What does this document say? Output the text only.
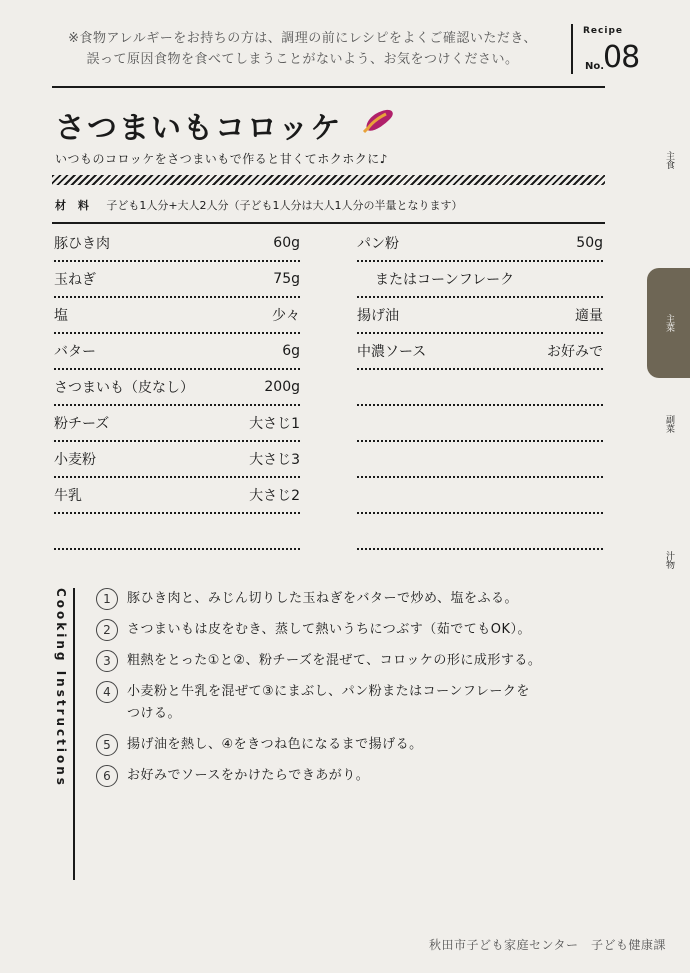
※食物アレルギーをお持ちの方は、調理の前にレシピをよくご確認いただき、
誤って原因食物を食べてしまうことがないよう、お気をつけください。
Recipe
No.
08
さつまいもコロッケ

いつものコロッケをさつまいもで作ると甘くてホクホクに♪

材 料 子ども1人分+大人2人分（子ども1人分は大人1人分の半量となります）
豚ひき肉	60g
玉ねぎ	75g
塩	少々
バター	6g
さつまいも（皮なし）	200g
粉チーズ	大さじ1
小麦粉	大さじ3
牛乳	大さじ2
パン粉	50g
またはコーンフレーク
揚げ油	適量
中濃ソース	お好みで
主食
主菜
副菜
汁物
Cooking Instructions	1	豚ひき肉と、みじん切りした玉ねぎをバターで炒め、塩をふる。
2	さつまいもは皮をむき、蒸して熱いうちにつぶす（茹でてもOK）。
3	粗熱をとった①と②、粉チーズを混ぜて、コロッケの形に成形する。
4	小麦粉と牛乳を混ぜて③にまぶし、パン粉またはコーンフレークを
つける。
5	揚げ油を熱し、④をきつね色になるまで揚げる。
6	お好みでソースをかけたらできあがり。
秋田市子ども家庭センター　子ども健康課
